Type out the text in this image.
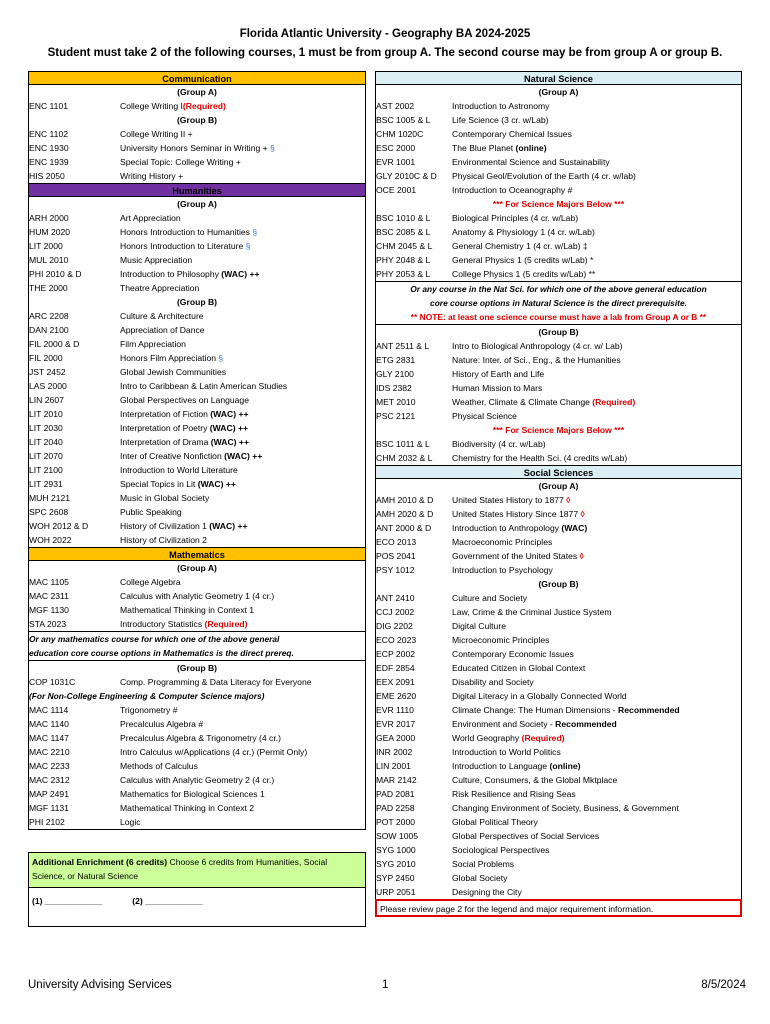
Florida Atlantic University - Geography BA 2024-2025
Student must take 2 of the following courses, 1 must be from group A. The second course may be from group A or group B.
Communication
(Group A)
ENC 1101	College Writing I(Required)
(Group B)
ENC 1102	College Writing II +
ENC 1930	University Honors Seminar in Writing + §
ENC 1939	Special Topic: College Writing +
HIS 2050	Writing History +
Humanities
(Group A)
ARH 2000	Art Appreciation
HUM 2020	Honors Introduction to Humanities §
LIT 2000	Honors Introduction to Literature §
MUL 2010	Music Appreciation
PHI 2010 & D	Introduction to Philosophy (WAC) ++
THE 2000	Theatre Appreciation
(Group B)
ARC 2208	Culture & Architecture
DAN 2100	Appreciation of Dance
FIL 2000 & D	Film Appreciation
FIL 2000	Honors Film Appreciation §
JST 2452	Global Jewish Communities
LAS 2000	Intro to Caribbean & Latin American Studies
LIN 2607	Global Perspectives on Language
LIT 2010	Interpretation of Fiction (WAC) ++
LIT 2030	Interpretation of Poetry (WAC) ++
LIT 2040	Interpretation of Drama (WAC) ++
LIT 2070	Inter of Creative Nonfiction (WAC) ++
LIT 2100	Introduction to World Literature
LIT 2931	Special Topics in Lit (WAC) ++
MUH 2121	Music in Global Society
SPC 2608	Public Speaking
WOH 2012 & D	History of Civilization 1 (WAC) ++
WOH 2022	History of Civilization 2
Mathematics
(Group A)
MAC 1105	College Algebra
MAC 2311	Calculus with Analytic Geometry 1 (4 cr.)
MGF 1130	Mathematical Thinking in Context 1
STA 2023	Introductory Statistics (Required)
Or any mathematics course for which one of the above general
education core course options in Mathematics is the direct prereq.
(Group B)
COP 1031C	Comp. Programming & Data Literacy for Everyone
(For Non-College Engineering & Computer Science majors)
MAC 1114	Trigonometry #
MAC 1140	Precalculus Algebra #
MAC 1147	Precalculus Algebra & Trigonometry (4 cr.)
MAC 2210	Intro Calculus w/Applications (4 cr.) (Permit Only)
MAC 2233	Methods of Calculus
MAC 2312	Calculus with Analytic Geometry 2 (4 cr.)
MAP 2491	Mathematics for Biological Sciences 1
MGF 1131	Mathematical Thinking in Context 2
PHI 2102	Logic
Additional Enrichment (6 credits) Choose 6 credits from Humanities, Social Science, or Natural Science
(1) ____________	(2) ____________
Natural Science
(Group A)
AST 2002	Introduction to Astronomy
BSC 1005 & L	Life Science (3 cr. w/Lab)
CHM 1020C	Contemporary Chemical Issues
ESC 2000	The Blue Planet (online)
EVR 1001	Environmental Science and Sustainability
GLY 2010C & D	Physical Geol/Evolution of the Earth (4 cr. w/lab)
OCE 2001	Introduction to Oceanography #
*** For Science Majors Below ***
BSC 1010 & L	Biological Principles (4 cr. w/Lab)
BSC 2085 & L	Anatomy & Physiology 1 (4 cr. w/Lab)
CHM 2045 & L	General Chemistry 1 (4 cr. w/Lab) ‡
PHY 2048 & L	General Physics 1 (5 credits w/Lab) *
PHY 2053 & L	College Physics 1 (5 credits w/Lab) **
Or any course in the Nat Sci. for which one of the above general education
core course options in Natural Science is the direct prerequisite.
** NOTE: at least one science course must have a lab from Group A or B **
(Group B)
ANT 2511 & L	Intro to Biological Anthropology (4 cr. w/ Lab)
ETG 2831	Nature: Inter. of Sci., Eng., & the Humanities
GLY 2100	History of Earth and Life
IDS 2382	Human Mission to Mars
MET 2010	Weather, Climate & Climate Change (Required)
PSC 2121	Physical Science
*** For Science Majors Below ***
BSC 1011 & L	Biodiversity (4 cr. w/Lab)
CHM 2032 & L	Chemistry for the Health Sci. (4 credits w/Lab)
Social Sciences
(Group A)
AMH 2010 & D	United States History to 1877 ◊
AMH 2020 & D	United States History Since 1877 ◊
ANT 2000 & D	Introduction to Anthropology (WAC)
ECO 2013	Macroeconomic Principles
POS 2041	Government of the United States ◊
PSY 1012	Introduction to Psychology
(Group B)
ANT 2410	Culture and Society
CCJ 2002	Law, Crime & the Criminal Justice System
DIG 2202	Digital Culture
ECO 2023	Microeconomic Principles
ECP 2002	Contemporary Economic Issues
EDF 2854	Educated Citizen in Global Context
EEX 2091	Disability and Society
EME 2620	Digital Literacy in a Globally Connected World
EVR 1110	Climate Change: The Human Dimensions - Recommended
EVR 2017	Environment and Society - Recommended
GEA 2000	World Geography (Required)
INR 2002	Introduction to World Politics
LIN 2001	Introduction to Language (online)
MAR 2142	Culture, Consumers, & the Global Mktplace
PAD 2081	Risk Resilience and Rising Seas
PAD 2258	Changing Environment of Society, Business, & Government
POT 2000	Global Political Theory
SOW 1005	Global Perspectives of Social Services
SYG 1000	Sociological Perspectives
SYG 2010	Social Problems
SYP 2450	Global Society
URP 2051	Designing the City
Please review page 2 for the legend and major requirement information.
University Advising Services	1	8/5/2024
